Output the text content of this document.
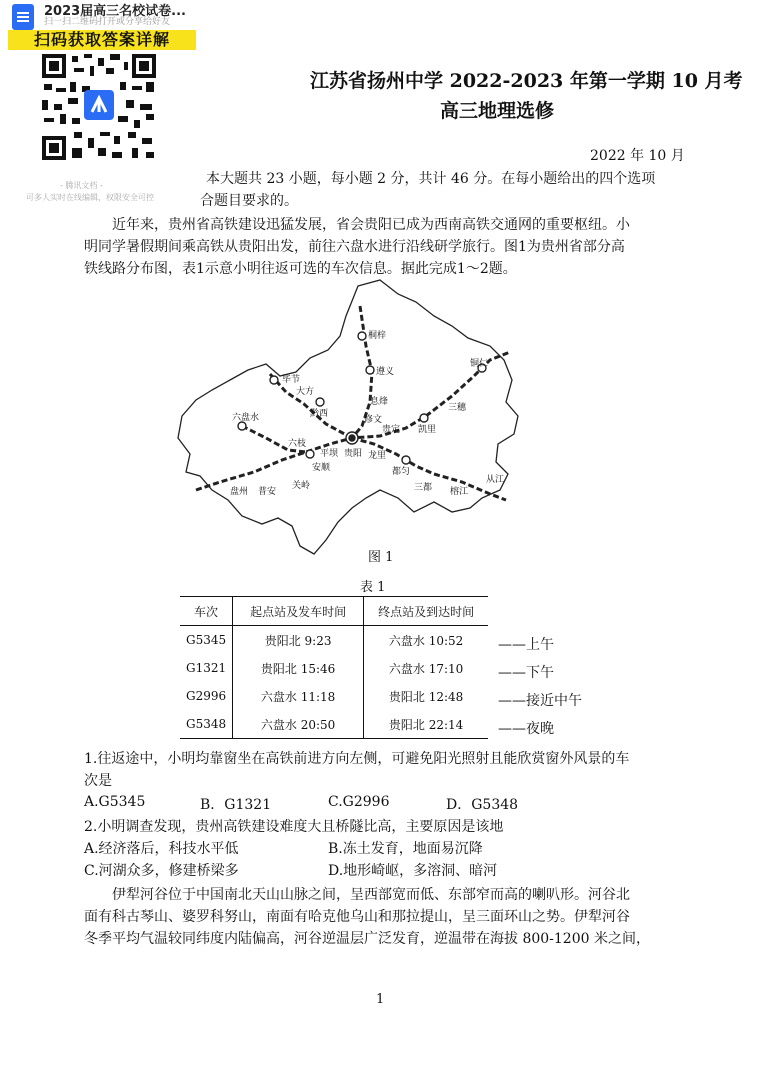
2023届高三名校试卷...
扫一扫二维码打开或分享给好友
扫码获取答案详解
- 腾讯文档 -
可多人实时在线编辑，权限安全可控
江苏省扬州中学 2022-2023 年第一学期 10 月考
高三地理选修
2022 年 10 月
本大题共 23 小题，每小题 2 分，共计 46 分。在每小题给出的四个选项
合题目要求的。
近年来，贵州省高铁建设迅猛发展，省会贵阳已成为西南高铁交通网的重要枢纽。小
明同学暑假期间乘高铁从贵阳出发，前往六盘水进行沿线研学旅行。图1为贵州省部分高
铁线路分布图，表1示意小明往返可选的车次信息。据此完成1～2题。
桐梓
遵义
毕节
大方
黔西
息烽
修文
贵定 凯里
三穗
铜仁
六盘水
六枝
平坝 贵阳 龙里
安顺	都匀
三都 榕江
从江
关岭
盘州 普安
图 1
表 1
车次	起点站及发车时间	终点站及到达时间
G5345	贵阳北 9:23	六盘水 10:52
G1321	贵阳北 15:46	六盘水 17:10
G2996	六盘水 11:18	贵阳北 12:48
G5348	六盘水 20:50	贵阳北 22:14
——上午
——下午
——接近中午
——夜晚
1.往返途中，小明均靠窗坐在高铁前进方向左侧，可避免阳光照射且能欣赏窗外风景的车
次是
A.G5345	B．G1321	C.G2996	D．G5348
2.小明调查发现，贵州高铁建设难度大且桥隧比高，主要原因是该地
A.经济落后，科技水平低	B.冻土发育，地面易沉降
C.河湖众多，修建桥梁多	D.地形崎岖，多溶洞、暗河
伊犁河谷位于中国南北天山山脉之间，呈西部宽而低、东部窄而高的喇叭形。河谷北
面有科古琴山、婆罗科努山，南面有哈克他乌山和那拉提山，呈三面环山之势。伊犁河谷
冬季平均气温较同纬度内陆偏高，河谷逆温层广泛发育，逆温带在海拔 800-1200 米之间，
1
